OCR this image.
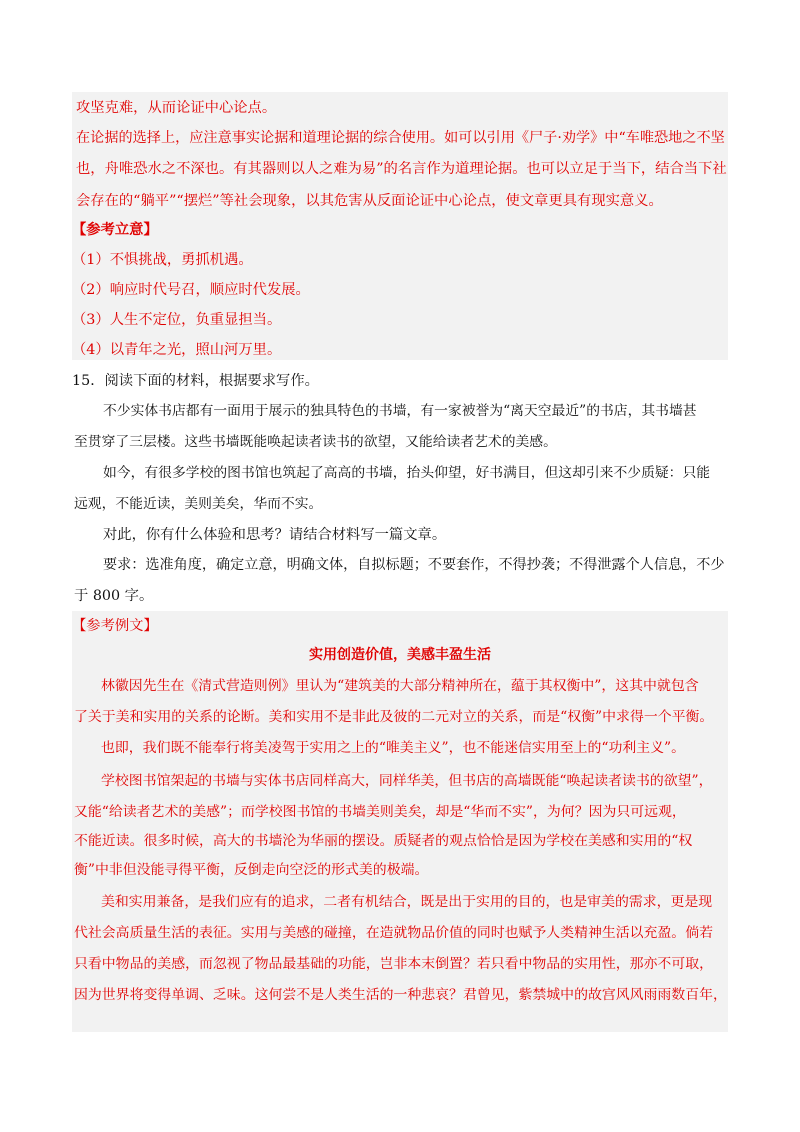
攻坚克难，从而论证中心论点。
在论据的选择上，应注意事实论据和道理论据的综合使用。如可以引用《尸子·劝学》中“车唯恐地之不坚
也，舟唯恐水之不深也。有其器则以人之难为易”的名言作为道理论据。也可以立足于当下，结合当下社
会存在的“躺平”“摆烂”等社会现象，以其危害从反面论证中心论点，使文章更具有现实意义。
【参考立意】
（1）不惧挑战，勇抓机遇。
（2）响应时代号召，顺应时代发展。
（3）人生不定位，负重显担当。
（4）以青年之光，照山河万里。
15．阅读下面的材料，根据要求写作。
不少实体书店都有一面用于展示的独具特色的书墙，有一家被誉为“离天空最近”的书店，其书墙甚
至贯穿了三层楼。这些书墙既能唤起读者读书的欲望，又能给读者艺术的美感。
如今，有很多学校的图书馆也筑起了高高的书墙，抬头仰望，好书满目，但这却引来不少质疑：只能
远观，不能近读，美则美矣，华而不实。
对此，你有什么体验和思考？请结合材料写一篇文章。
要求：选准角度，确定立意，明确文体，自拟标题；不要套作，不得抄袭；不得泄露个人信息，不少
于 800 字。
【参考例文】
实用创造价值，美感丰盈生活
林徽因先生在《清式营造则例》里认为“建筑美的大部分精神所在，蕴于其权衡中”，这其中就包含
了关于美和实用的关系的论断。美和实用不是非此及彼的二元对立的关系，而是“权衡”中求得一个平衡。
也即，我们既不能奉行将美凌驾于实用之上的“唯美主义”，也不能迷信实用至上的“功利主义”。
学校图书馆架起的书墙与实体书店同样高大，同样华美，但书店的高墙既能“唤起读者读书的欲望”，
又能“给读者艺术的美感”；而学校图书馆的书墙美则美矣，却是“华而不实”，为何？因为只可远观，
不能近读。很多时候，高大的书墙沦为华丽的摆设。质疑者的观点恰恰是因为学校在美感和实用的“权
衡”中非但没能寻得平衡，反倒走向空泛的形式美的极端。
美和实用兼备，是我们应有的追求，二者有机结合，既是出于实用的目的，也是审美的需求，更是现
代社会高质量生活的表征。实用与美感的碰撞，在造就物品价值的同时也赋予人类精神生活以充盈。倘若
只看中物品的美感，而忽视了物品最基础的功能，岂非本末倒置？若只看中物品的实用性，那亦不可取，
因为世界将变得单调、乏味。这何尝不是人类生活的一种悲哀？君曾见，紫禁城中的故宫风风雨雨数百年，
